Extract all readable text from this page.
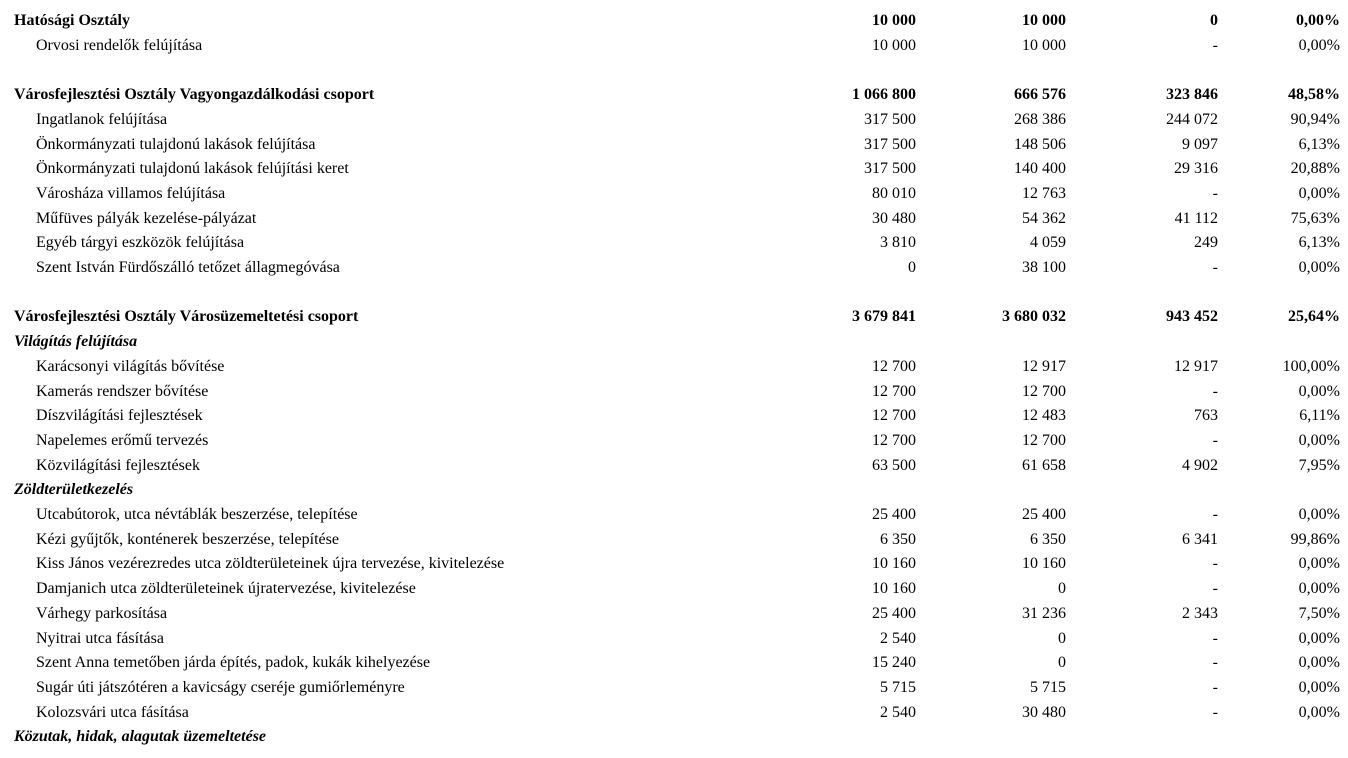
Hatósági Osztály	10 000	10 000	0	0,00%
Orvosi rendelők felújítása	10 000	10 000	-	0,00%
Városfejlesztési Osztály Vagyongazdálkodási csoport	1 066 800	666 576	323 846	48,58%
Ingatlanok felújítása	317 500	268 386	244 072	90,94%
Önkormányzati tulajdonú lakások felújítása	317 500	148 506	9 097	6,13%
Önkormányzati tulajdonú lakások felújítási keret	317 500	140 400	29 316	20,88%
Városháza villamos felújítása	80 010	12 763	-	0,00%
Műfüves pályák kezelése-pályázat	30 480	54 362	41 112	75,63%
Egyéb tárgyi eszközök felújítása	3 810	4 059	249	6,13%
Szent István Fürdőszálló tetőzet állagmegóvása	0	38 100	-	0,00%
Városfejlesztési Osztály Városüzemeltetési csoport	3 679 841	3 680 032	943 452	25,64%
Világítás felújítása
Karácsonyi világítás bővítése	12 700	12 917	12 917	100,00%
Kamerás rendszer bővítése	12 700	12 700	-	0,00%
Díszvilágítási fejlesztések	12 700	12 483	763	6,11%
Napelemes erőmű tervezés	12 700	12 700	-	0,00%
Közvilágítási fejlesztések	63 500	61 658	4 902	7,95%
Zöldterületkezelés
Utcabútorok, utca névtáblák beszerzése, telepítése	25 400	25 400	-	0,00%
Kézi gyűjtők, konténerek beszerzése, telepítése	6 350	6 350	6 341	99,86%
Kiss János vezérezredes utca zöldterületeinek újra tervezése, kivitelezése	10 160	10 160	-	0,00%
Damjanich utca zöldterületeinek újratervezése, kivitelezése	10 160	0	-	0,00%
Várhegy parkosítása	25 400	31 236	2 343	7,50%
Nyitrai utca fásítása	2 540	0	-	0,00%
Szent Anna temetőben járda építés, padok, kukák kihelyezése	15 240	0	-	0,00%
Sugár úti játszótéren a kavicságy cseréje gumiőrleményre	5 715	5 715	-	0,00%
Kolozsvári utca fásítása	2 540	30 480	-	0,00%
Közutak, hidak, alagutak üzemeltetése
